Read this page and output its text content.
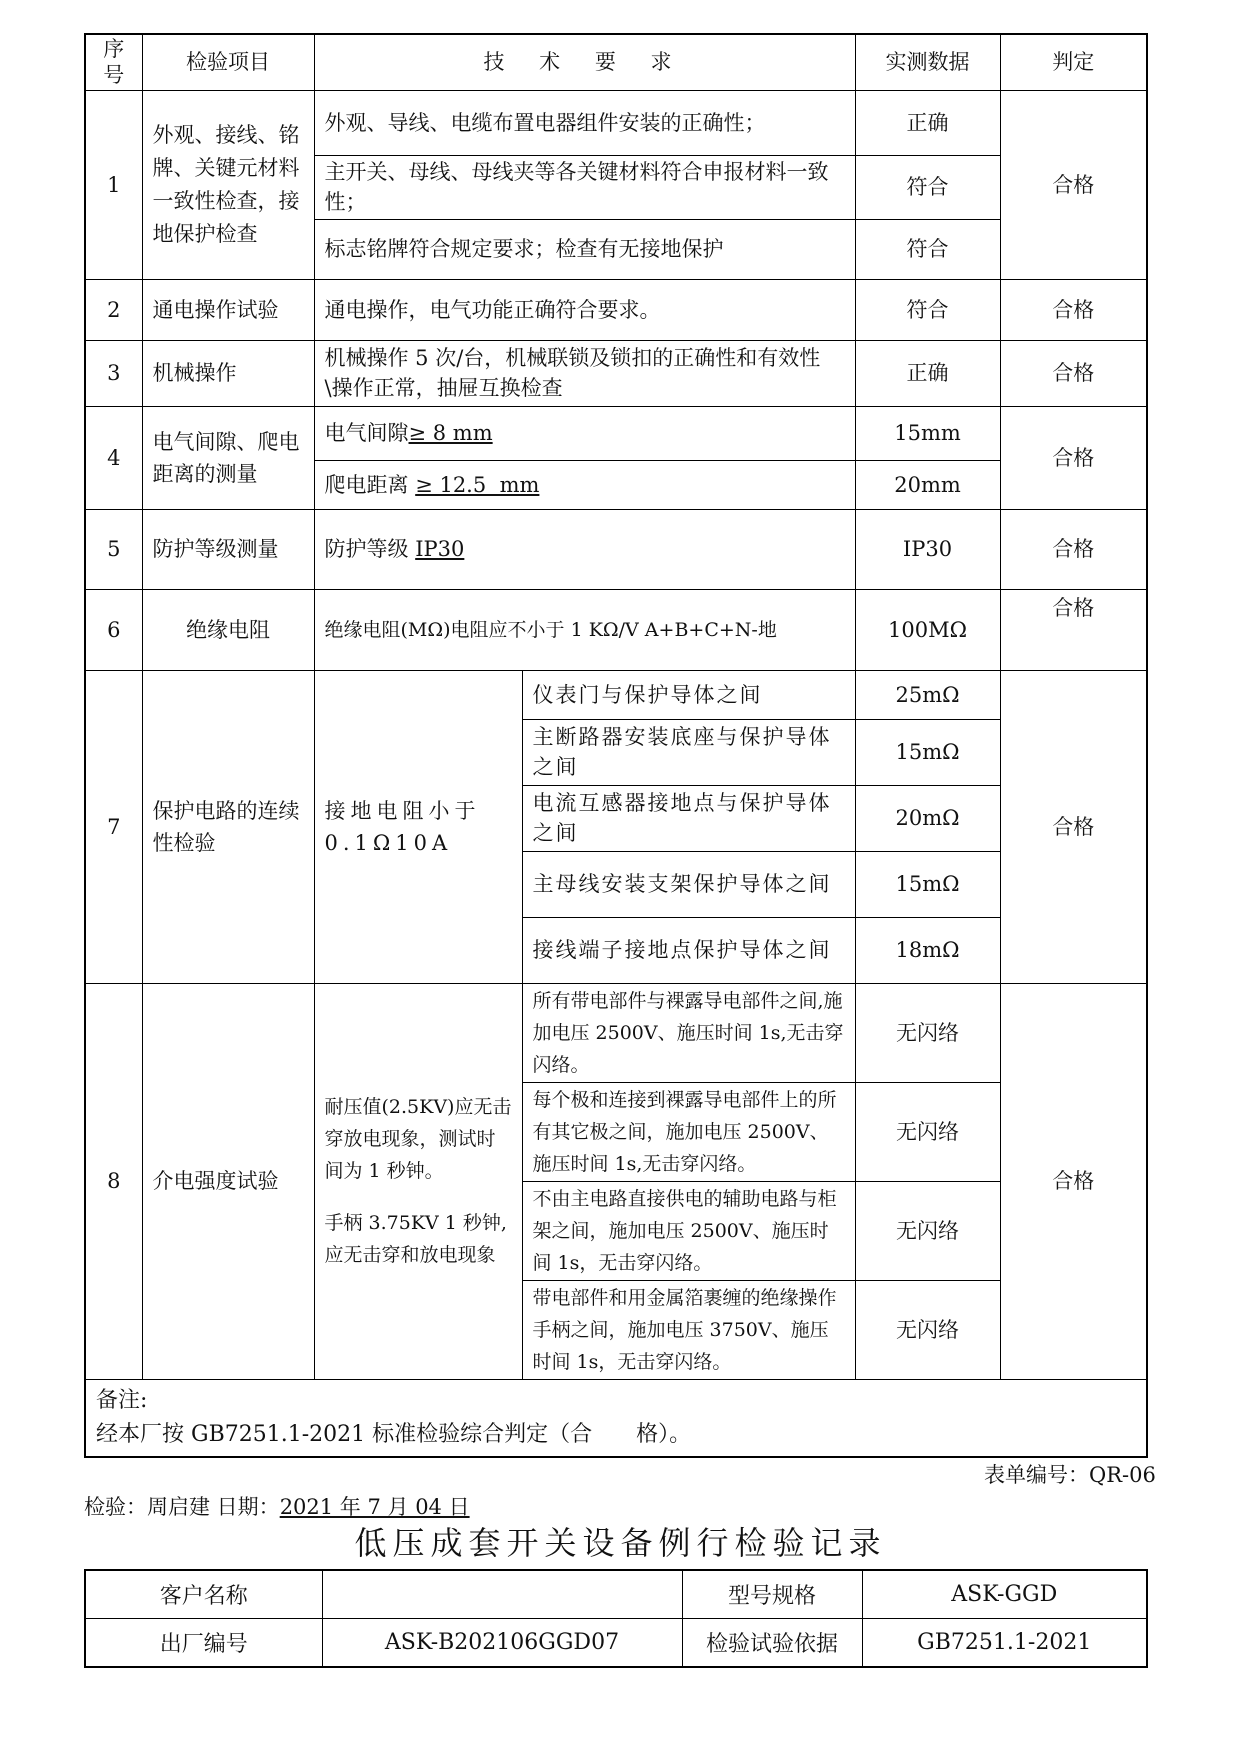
序
号	检验项目	技 术 要 求		实测数据	判定
1	外观、接线、铭牌、关键元材料一致性检查，接地保护检查	外观、导线、电缆布置电器组件安装的正确性；		正确	合格
		主开关、母线、母线夹等各关键材料符合申报材料一致性；		符合	
		标志铭牌符合规定要求；检查有无接地保护		符合	
2	通电操作试验	通电操作，电气功能正确符合要求。		符合	合格
3	机械操作	机械操作 5 次/台，机械联锁及锁扣的正确性和有效性\操作正常，抽屉互换检查		正确	合格
4	电气间隙、爬电距离的测量	电气间隙≥ 8 mm		15mm	合格
		爬电距离 ≥ 12.5  mm		20mm	
5	防护等级测量	防护等级 IP30		IP30	合格
6	绝缘电阻	绝缘电阻(MΩ)电阻应不小于 1 KΩ/V A+B+C+N-地		100MΩ	合格
7	保护电路的连续性检验	接地电阻小于0.1Ω10A	仪表门与保护导体之间	25mΩ	合格
			主断路器安装底座与保护导体之间	15mΩ	
			电流互感器接地点与保护导体之间	20mΩ	
			主母线安装支架保护导体之间	15mΩ	
			接线端子接地点保护导体之间	18mΩ	
8	介电强度试验	耐压值(2.5KV)应无击穿放电现象，测试时间为 1 秒钟。
手柄 3.75KV 1 秒钟,应无击穿和放电现象	所有带电部件与裸露导电部件之间,施加电压 2500V、施压时间 1s,无击穿闪络。	无闪络	合格
			每个极和连接到裸露导电部件上的所有其它极之间，施加电压 2500V、施压时间 1s,无击穿闪络。	无闪络	
			不由主电路直接供电的辅助电路与柜架之间，施加电压 2500V、施压时间 1s，无击穿闪络。	无闪络	
			带电部件和用金属箔裹缠的绝缘操作手柄之间，施加电压 3750V、施压时间 1s，无击穿闪络。	无闪络	

备注:
经本厂按 GB7251.1-2021 标准检验综合判定（合　　格）。					
表单编号：QR-06
检验：周启建 日期：2021 年 7 月 04 日
低压成套开关设备例行检验记录
客户名称		型号规格	ASK-GGD
出厂编号	ASK-B202106GGD07	检验试验依据	GB7251.1-2021
